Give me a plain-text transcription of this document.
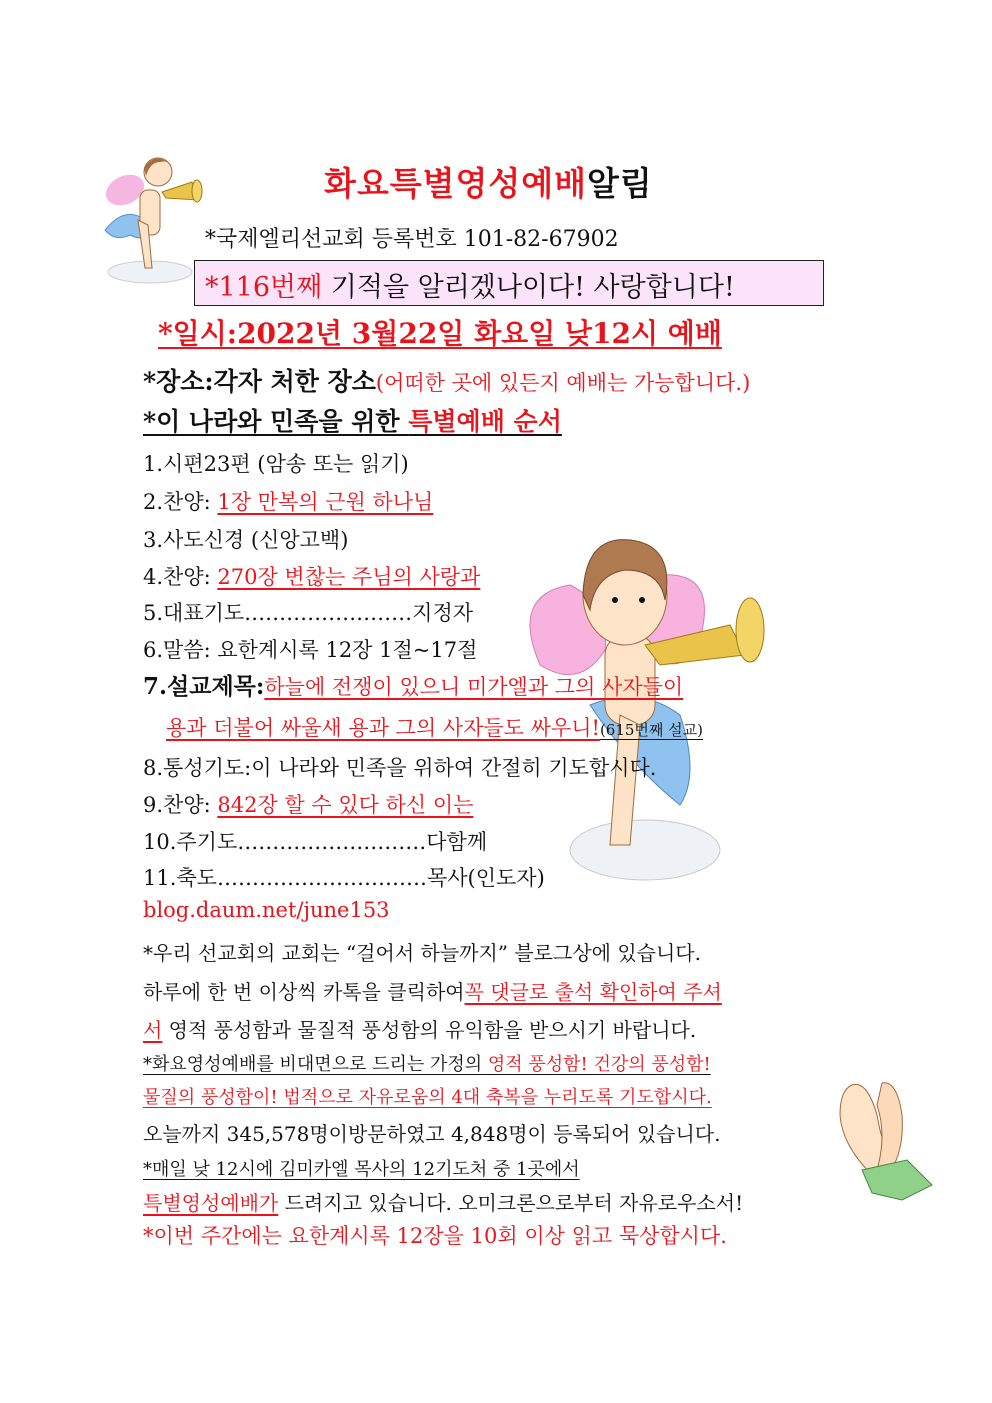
화요특별영성예배알림
*국제엘리선교회 등록번호 101-82-67902
*116번째 기적을 알리겠나이다! 사랑합니다!
*일시:2022년 3월22일 화요일 낮12시 예배
*장소:각자 처한 장소(어떠한 곳에 있든지 예배는 가능합니다.)
*이 나라와 민족을 위한 특별예배 순서
1.시편23편 (암송 또는 읽기)
2.찬양: 1장 만복의 근원 하나님
3.사도신경 (신앙고백)
4.찬양: 270장 변찮는 주님의 사랑과
5.대표기도……………………지정자
6.말씀: 요한계시록 12장 1절~17절
7.설교제목:하늘에 전쟁이 있으니 미가엘과 그의 사자들이
용과 더불어 싸울새 용과 그의 사자들도 싸우니!(615번째 설교)
8.통성기도:이 나라와 민족을 위하여 간절히 기도합시다.
9.찬양: 842장 할 수 있다 하신 이는
10.주기도………………………다함께
11.축도…………………………목사(인도자)
blog.daum.net/june153
*우리 선교회의 교회는 “걸어서 하늘까지” 블로그상에 있습니다.
하루에 한 번 이상씩 카톡을 클릭하여꼭 댓글로 출석 확인하여 주셔
서 영적 풍성함과 물질적 풍성함의 유익함을 받으시기 바랍니다.
*화요영성예배를 비대면으로 드리는 가정의 영적 풍성함! 건강의 풍성함!
물질의 풍성함이! 법적으로 자유로움의 4대 축복을 누리도록 기도합시다.
오늘까지 345,578명이방문하였고 4,848명이 등록되어 있습니다.
*매일 낮 12시에 김미카엘 목사의 12기도처 중 1곳에서
특별영성예배가 드려지고 있습니다. 오미크론으로부터 자유로우소서!
*이번 주간에는 요한계시록 12장을 10회 이상 읽고 묵상합시다.
